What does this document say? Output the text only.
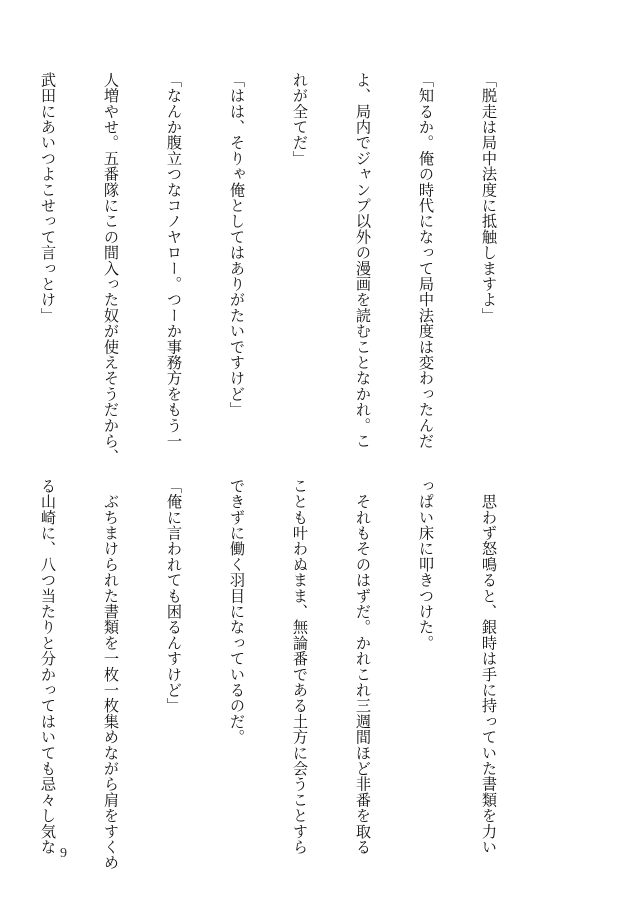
「脱走は局中法度に抵触しますよ」

「知るか。俺の時代になって局中法度は変わったんだ

よ、局内でジャンプ以外の漫画を読むことなかれ。こ

れが全てだ」

「はは、そりゃ俺としてはありがたいですけど」

「なんか腹立つなコノヤロー。つーか事務方をもう一

人増やせ。五番隊にこの間入った奴が使えそうだから、

武田にあいつよこせって言っとけ」

　思わず怒鳴ると、銀時は手に持っていた書類を力い

っぱい床に叩きつけた。

　それもそのはずだ。かれこれ三週間ほど非番を取る

ことも叶わぬまま、無論番である土方に会うことすら

できずに働く羽目になっているのだ。

「俺に言われても困るんすけど」

　ぶちまけられた書類を一枚一枚集めながら肩をすくめ

る山崎に、八つ当たりと分かってはいても忌々し気な

9
